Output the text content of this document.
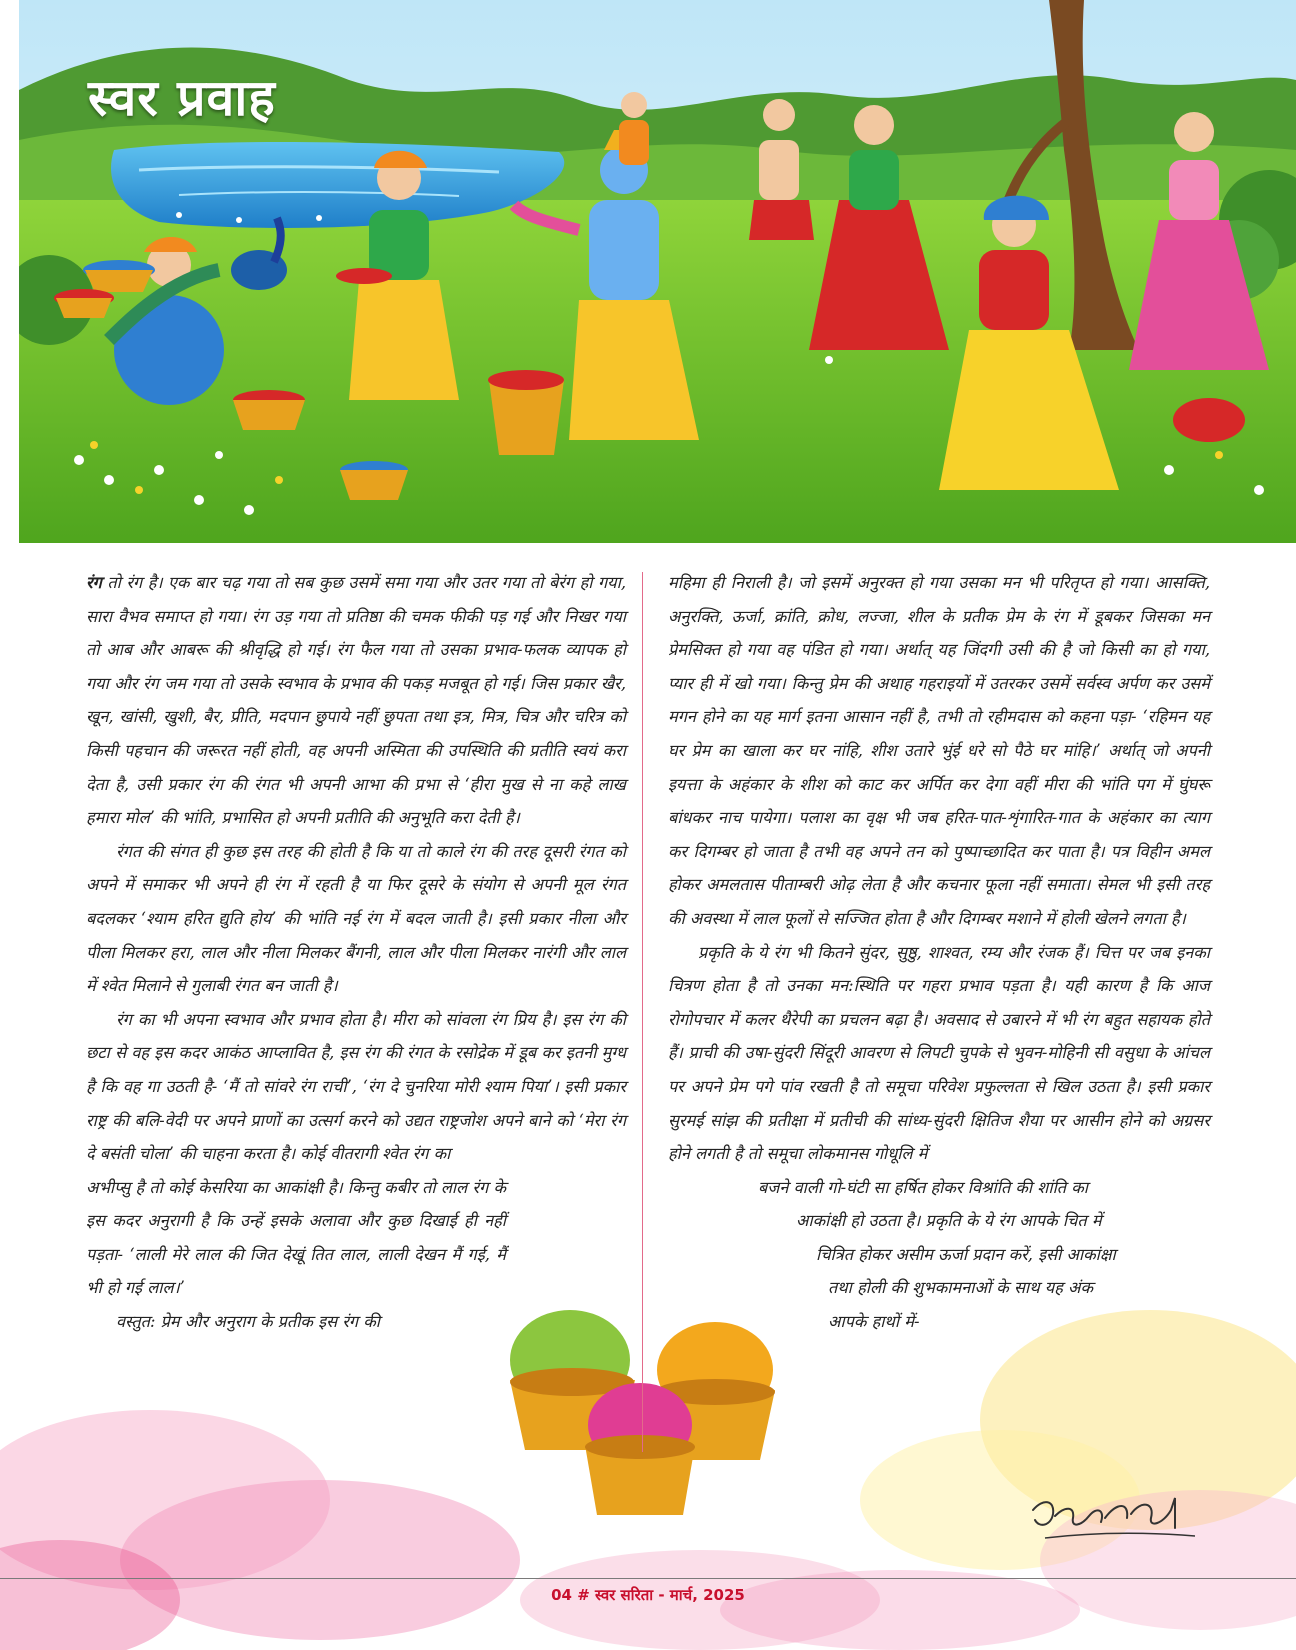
स्वर प्रवाह

रंग तो रंग है। एक बार चढ़ गया तो सब कुछ उसमें समा गया और उतर गया तो बेरंग हो गया, सारा वैभव समाप्त हो गया। रंग उड़ गया तो प्रतिष्ठा की चमक फीकी पड़ गई और निखर गया तो आब और आबरू की श्रीवृद्धि हो गई। रंग फैल गया तो उसका प्रभाव-फलक व्यापक हो गया और रंग जम गया तो उसके स्वभाव के प्रभाव की पकड़ मजबूत हो गई। जिस प्रकार खैर, खून, खांसी, खुशी, बैर, प्रीति, मदपान छुपाये नहीं छुपता तथा इत्र, मित्र, चित्र और चरित्र को किसी पहचान की जरूरत नहीं होती, वह अपनी अस्मिता की उपस्थिति की प्रतीति स्वयं करा देता है, उसी प्रकार रंग की रंगत भी अपनी आभा की प्रभा से ‘हीरा मुख से ना कहे लाख हमारा मोल’ की भांति, प्रभासित हो अपनी प्रतीति की अनुभूति करा देती है।

रंगत की संगत ही कुछ इस तरह की होती है कि या तो काले रंग की तरह दूसरी रंगत को अपने में समाकर भी अपने ही रंग में रहती है या फिर दूसरे के संयोग से अपनी मूल रंगत बदलकर ‘श्याम हरित द्युति होय’ की भांति नई रंग में बदल जाती है। इसी प्रकार नीला और पीला मिलकर हरा, लाल और नीला मिलकर बैंगनी, लाल और पीला मिलकर नारंगी और लाल में श्वेत मिलाने से गुलाबी रंगत बन जाती है।

रंग का भी अपना स्वभाव और प्रभाव होता है। मीरा को सांवला रंग प्रिय है। इस रंग की छटा से वह इस कदर आकंठ आप्लावित है, इस रंग की रंगत के रसोद्रेक में डूब कर इतनी मुग्ध है कि वह गा उठती है- ‘मैं तो सांवरे रंग राची’, ‘रंग दे चुनरिया मोरी श्याम पिया’। इसी प्रकार राष्ट्र की बलि-वेदी पर अपने प्राणों का उत्सर्ग करने को उद्यत राष्ट्रजोश अपने बाने को ‘मेरा रंग दे बसंती चोला’ की चाहना करता है। कोई वीतरागी श्वेत रंग का

अभीप्सु है तो कोई केसरिया का आकांक्षी है। किन्तु कबीर तो लाल रंग के इस कदर अनुरागी है कि उन्हें इसके अलावा और कुछ दिखाई ही नहीं पड़ता- ‘लाली मेरे लाल की जित देखूं तित लाल, लाली देखन मैं गई, मैं भी हो गई लाल।’

वस्तुत: प्रेम और अनुराग के प्रतीक इस रंग की

महिमा ही निराली है। जो इसमें अनुरक्त हो गया उसका मन भी परितृप्त हो गया। आसक्ति, अनुरक्ति, ऊर्जा, क्रांति, क्रोध, लज्जा, शील के प्रतीक प्रेम के रंग में डूबकर जिसका मन प्रेमसिक्त हो गया वह पंडित हो गया। अर्थात् यह जिंदगी उसी की है जो किसी का हो गया, प्यार ही में खो गया। किन्तु प्रेम की अथाह गहराइयों में उतरकर उसमें सर्वस्व अर्पण कर उसमें मगन होने का यह मार्ग इतना आसान नहीं है, तभी तो रहीमदास को कहना पड़ा- ‘रहिमन यह घर प्रेम का खाला कर घर नांहि, शीश उतारे भुंई धरे सो पैठे घर मांहि।’ अर्थात् जो अपनी इयत्ता के अहंकार के शीश को काट कर अर्पित कर देगा वहीं मीरा की भांति पग में घुंघरू बांधकर नाच पायेगा। पलाश का वृक्ष भी जब हरित-पात-शृंगारित-गात के अहंकार का त्याग कर दिगम्बर हो जाता है तभी वह अपने तन को पुष्पाच्छादित कर पाता है। पत्र विहीन अमल होकर अमलतास पीताम्बरी ओढ़ लेता है और कचनार फूला नहीं समाता। सेमल भी इसी तरह की अवस्था में लाल फूलों से सज्जित होता है और दिगम्बर मशाने में होली खेलने लगता है।

प्रकृति के ये रंग भी कितने सुंदर, सुष्ठु, शाश्वत, रम्य और रंजक हैं। चित्त पर जब इनका चित्रण होता है तो उनका मन:स्थिति पर गहरा प्रभाव पड़ता है। यही कारण है कि आज रोगोपचार में कलर थैरेपी का प्रचलन बढ़ा है। अवसाद से उबारने में भी रंग बहुत सहायक होते हैं। प्राची की उषा-सुंदरी सिंदूरी आवरण से लिपटी चुपके से भुवन-मोहिनी सी वसुधा के आंचल पर अपने प्रेम पगे पांव रखती है तो समूचा परिवेश प्रफुल्लता से खिल उठता है। इसी प्रकार सुरमई सांझ की प्रतीक्षा में प्रतीची की सांध्य-सुंदरी क्षितिज शैया पर आसीन होने को अग्रसर होने लगती है तो समूचा लोकमानस गोधूलि में

बजने वाली गो-घंटी सा हर्षित होकर विश्रांति की शांति का

आकांक्षी हो उठता है। प्रकृति के ये रंग आपके चित में

चित्रित होकर असीम ऊर्जा प्रदान करें, इसी आकांक्षा

तथा होली की शुभकामनाओं के साथ यह अंक

आपके हाथों में-

04 # स्वर सरिता - मार्च, 2025
